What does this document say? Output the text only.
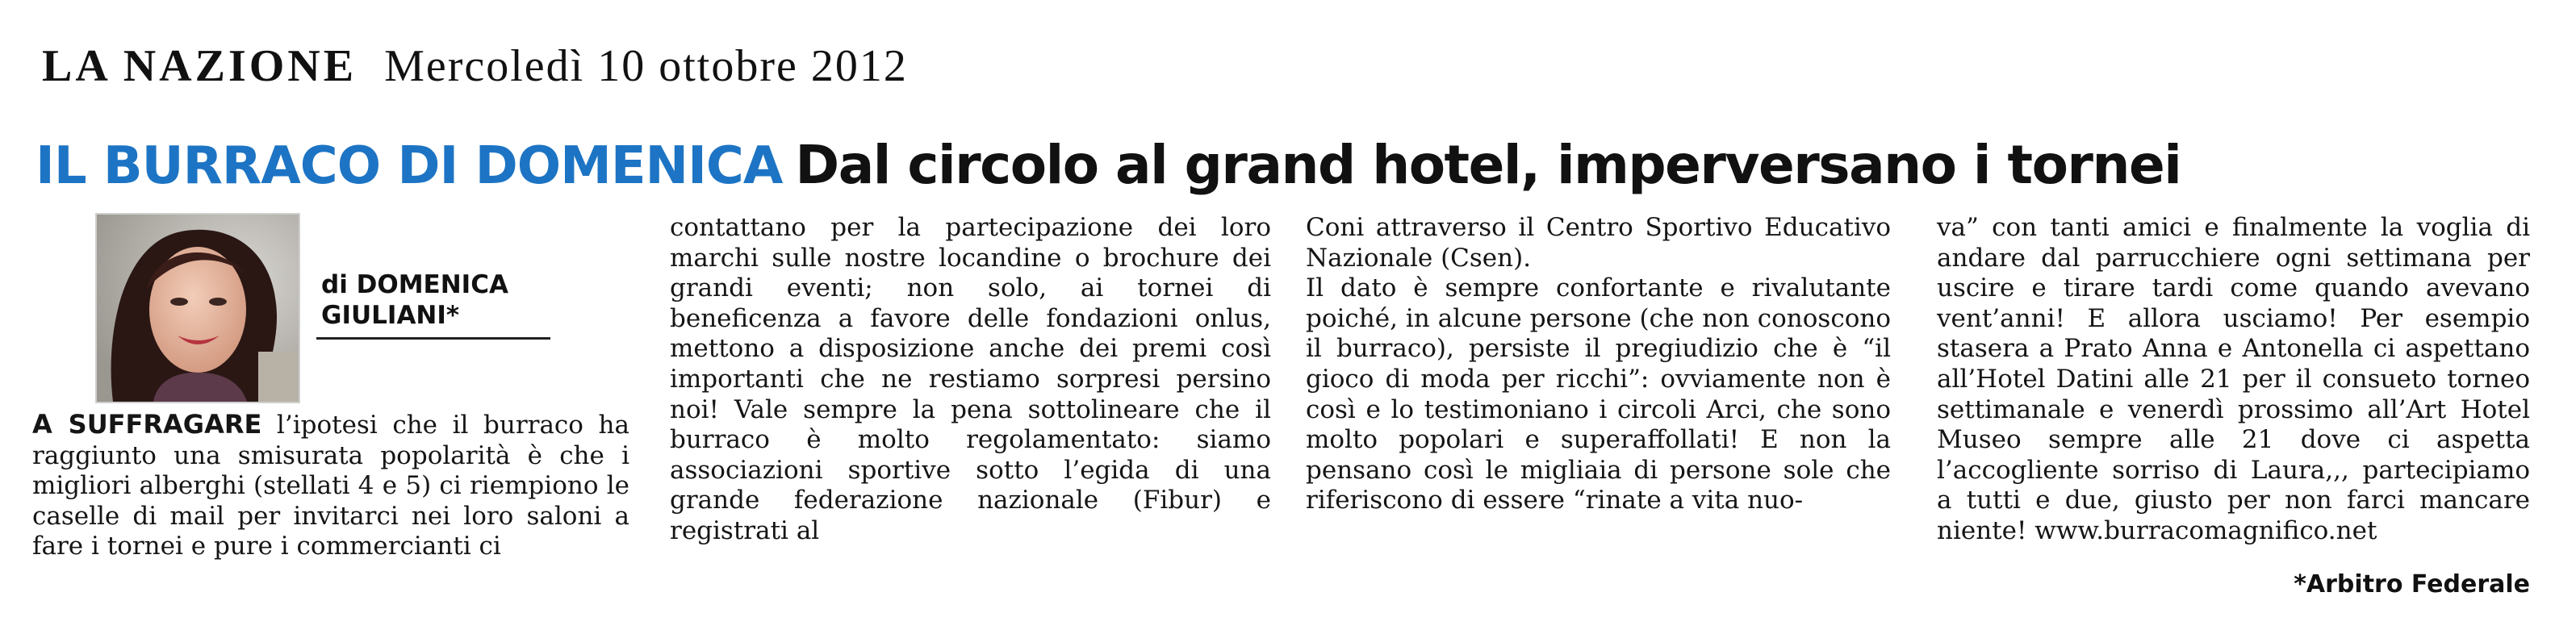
LA NAZIONE Mercoledì 10 ottobre 2012
IL BURRACO DI DOMENICA Dal circolo al grand hotel, imperversano i tornei
di DOMENICA
GIULIANI*

A SUFFRAGARE l’ipotesi che il burraco ha raggiunto una smisurata popolarità è che i migliori alberghi (stellati 4 e 5) ci riempiono le caselle di mail per invitarci nei loro saloni a fare i tornei e pure i commercianti ci

contattano per la partecipazione dei loro marchi sulle nostre locandine o brochure dei grandi eventi; non solo, ai tornei di beneficenza a favore delle fondazioni onlus, mettono a disposizione anche dei premi così importanti che ne restiamo sorpresi persino noi! Vale sempre la pena sottolineare che il burraco è molto regolamentato: siamo associazioni sportive sotto l’egida di una grande federazione nazionale (Fibur) e registrati al

Coni attraverso il Centro Sportivo Educativo Nazionale (Csen).

Il dato è sempre confortante e rivalutante poiché, in alcune persone (che non conoscono il burraco), persiste il pregiudizio che è “il gioco di moda per ricchi”: ovviamente non è così e lo testimoniano i circoli Arci, che sono molto popolari e superaffollati! E non la pensano così le migliaia di persone sole che riferiscono di essere “rinate a vita nuo-

va” con tanti amici e finalmente la voglia di andare dal parrucchiere ogni settimana per uscire e tirare tardi come quando avevano vent’anni! E allora usciamo! Per esempio stasera a Prato Anna e Antonella ci aspettano all’Hotel Datini alle 21 per il consueto torneo settimanale e venerdì prossimo all’Art Hotel Museo sempre alle 21 dove ci aspetta l’accogliente sorriso di Laura,,, partecipiamo a tutti e due, giusto per non farci mancare niente! www.burracomagnifico.net

*Arbitro Federale
